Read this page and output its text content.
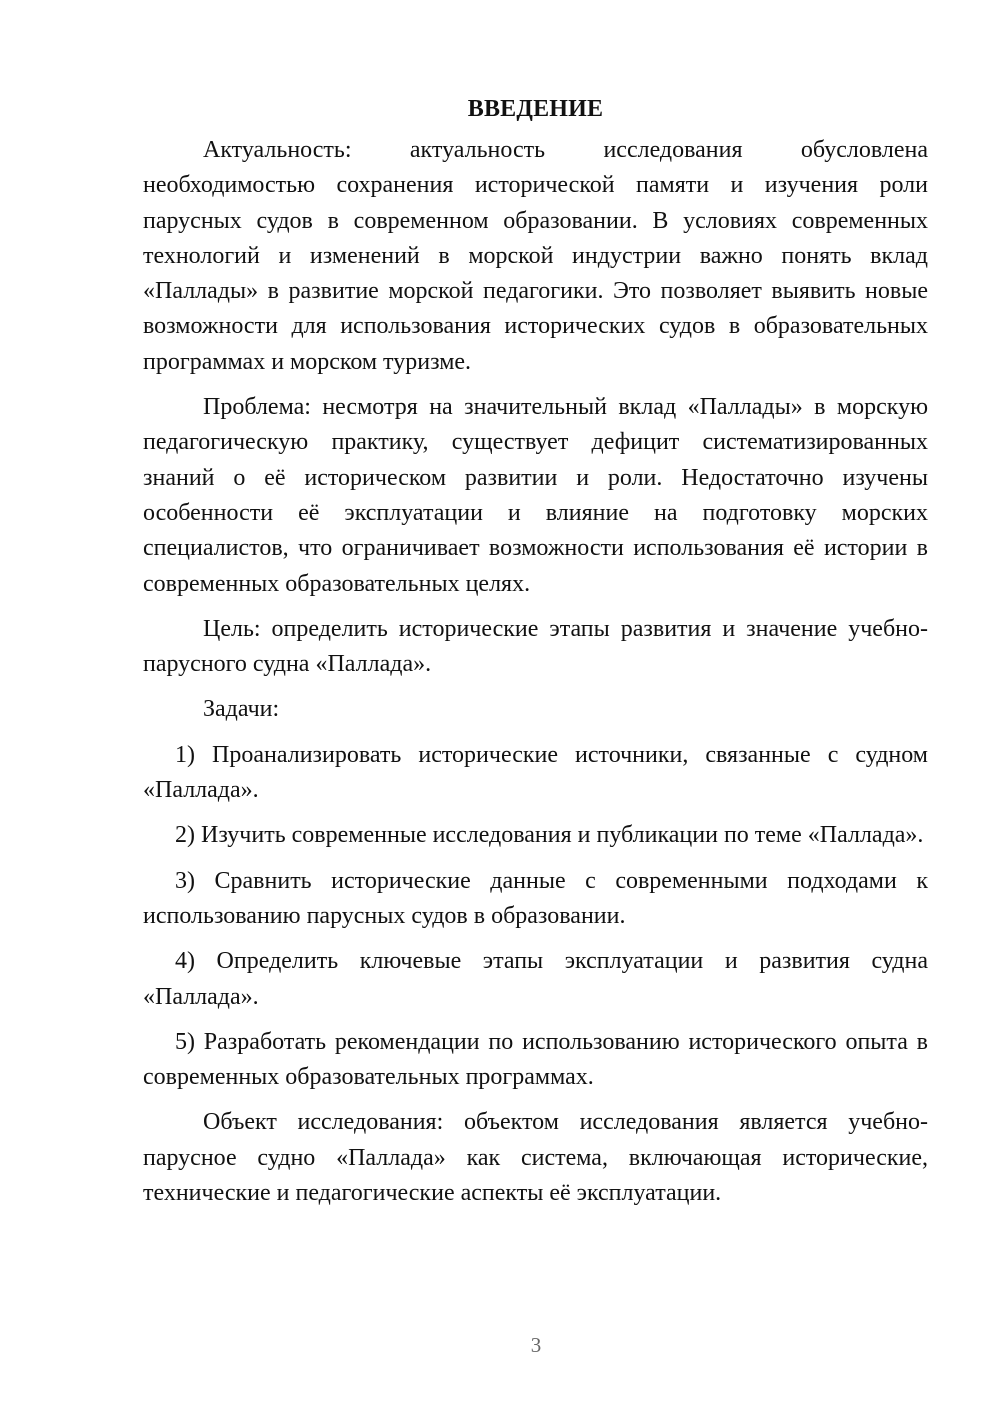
ВВЕДЕНИЕ

Актуальность: актуальность исследования обусловлена необходимостью сохранения исторической памяти и изучения роли парусных судов в современном образовании. В условиях современных технологий и изменений в морской индустрии важно понять вклад «Паллады» в развитие морской педагогики. Это позволяет выявить новые возможности для использования исторических судов в образовательных программах и морском туризме.

Проблема: несмотря на значительный вклад «Паллады» в морскую педагогическую практику, существует дефицит систематизированных знаний о её историческом развитии и роли. Недостаточно изучены особенности её эксплуатации и влияние на подготовку морских специалистов, что ограничивает возможности использования её истории в современных образовательных целях.

Цель: определить исторические этапы развития и значение учебно-парусного судна «Паллада».

Задачи:

1) Проанализировать исторические источники, связанные с судном «Паллада».

2) Изучить современные исследования и публикации по теме «Паллада».

3) Сравнить исторические данные с современными подходами к использованию парусных судов в образовании.

4) Определить ключевые этапы эксплуатации и развития судна «Паллада».

5) Разработать рекомендации по использованию исторического опыта в современных образовательных программах.

Объект исследования: объектом исследования является учебно-парусное судно «Паллада» как система, включающая исторические, технические и педагогические аспекты её эксплуатации.

3
